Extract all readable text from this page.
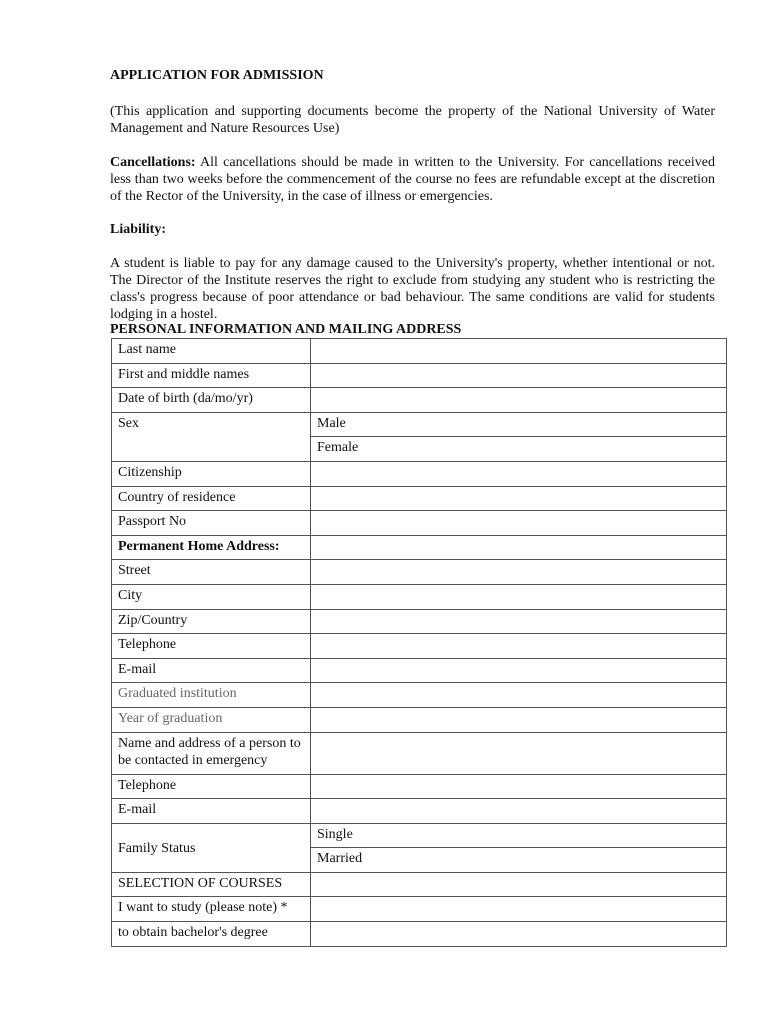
APPLICATION FOR ADMISSION
(This application and supporting documents become the property of the National University of Water Management and Nature Resources Use)
Cancellations: All cancellations should be made in written to the University. For cancellations received less than two weeks before the commencement of the course no fees are refundable except at the discretion of the Rector of the University, in the case of illness or emergencies.
Liability:
A student is liable to pay for any damage caused to the University's property, whether intentional or not. The Director of the Institute reserves the right to exclude from studying any student who is restricting the class's progress because of poor attendance or bad behaviour. The same conditions are valid for students lodging in a hostel.
PERSONAL INFORMATION AND MAILING ADDRESS
Last name	
First and middle names	
Date of birth (da/mo/yr)	
Sex	Male
	Female
Citizenship	
Country of residence	
Passport No	
Permanent Home Address:	
Street	
City	
Zip/Country	
Telephone	
E-mail	
Graduated institution	
Year of graduation	
Name and address of a person to be contacted in emergency	
Telephone	
E-mail	
Family Status	Single
	Married
SELECTION OF COURSES	
I want to study (please note) *	
to obtain bachelor's degree	
